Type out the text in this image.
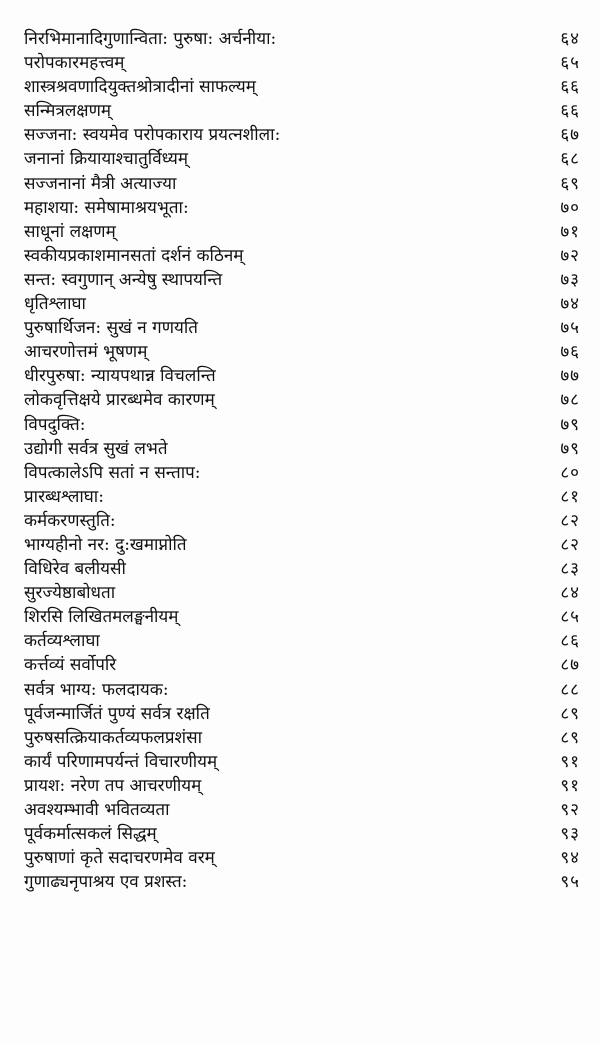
निरभिमानादिगुणान्विता: पुरुषा: अर्चनीया:	६४
परोपकारमहत्त्वम्	६५
शास्त्रश्रवणादियुक्तश्रोत्रादीनां साफल्यम्	६६
सन्मित्रलक्षणम्	६६
सज्जना: स्वयमेव परोपकाराय प्रयत्नशीला:	६७
जनानां क्रियायाश्चातुर्विध्यम्	६८
सज्जनानां मैत्री अत्याज्या	६९
महाशया: समेषामाश्रयभूता:	७०
साधूनां लक्षणम्	७१
स्वकीयप्रकाशमानसतां दर्शनं कठिनम्	७२
सन्त: स्वगुणान् अन्येषु स्थापयन्ति	७३
धृतिश्लाघा	७४
पुरुषार्थिजन: सुखं न गणयति	७५
आचरणोत्तमं भूषणम्	७६
धीरपुरुषा: न्यायपथान्न विचलन्ति	७७
लोकवृत्तिक्षये प्रारब्धमेव कारणम्	७८
विपदुक्ति:	७९
उद्योगी सर्वत्र सुखं लभते	७९
विपत्कालेऽपि सतां न सन्ताप:	८०
प्रारब्धश्लाघा:	८१
कर्मकरणस्तुति:	८२
भाग्यहीनो नर: दु:खमाप्नोति	८२
विधिरेव बलीयसी	८३
सुरज्येष्ठाबोधता	८४
शिरसि लिखितमलङ्घनीयम्	८५
कर्तव्यश्लाघा	८६
कर्त्तव्यं सर्वोपरि	८७
सर्वत्र भाग्य: फलदायक:	८८
पूर्वजन्मार्जितं पुण्यं सर्वत्र रक्षति	८९
पुरुषसत्क्रियाकर्तव्यफलप्रशंसा	८९
कार्यं परिणामपर्यन्तं विचारणीयम्	९१
प्रायश: नरेण तप आचरणीयम्	९१
अवश्यम्भावी भवितव्यता	९२
पूर्वकर्मात्सकलं सिद्धम्	९३
पुरुषाणां कृते सदाचरणमेव वरम्	९४
गुणाढ्यनृपाश्रय एव प्रशस्त:	९५
